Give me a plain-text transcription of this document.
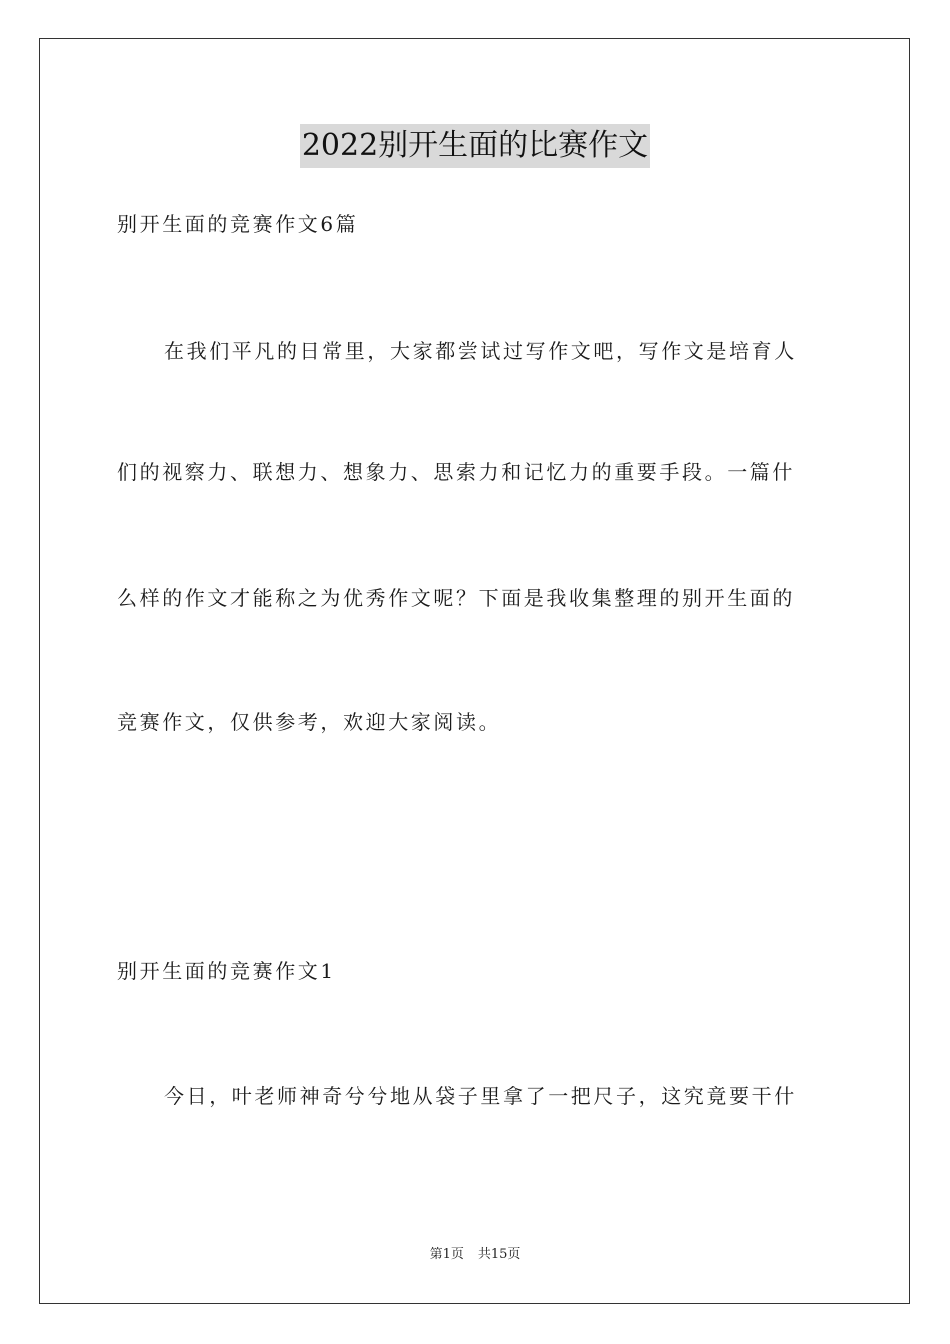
2022别开生面的比赛作文
别开生面的竞赛作文6篇
在我们平凡的日常里，大家都尝试过写作文吧，写作文是培育人
们的视察力、联想力、想象力、思索力和记忆力的重要手段。一篇什
么样的作文才能称之为优秀作文呢？下面是我收集整理的别开生面的
竞赛作文，仅供参考，欢迎大家阅读。
别开生面的竞赛作文1
今日，叶老师神奇兮兮地从袋子里拿了一把尺子，这究竟要干什
第1页 共15页
